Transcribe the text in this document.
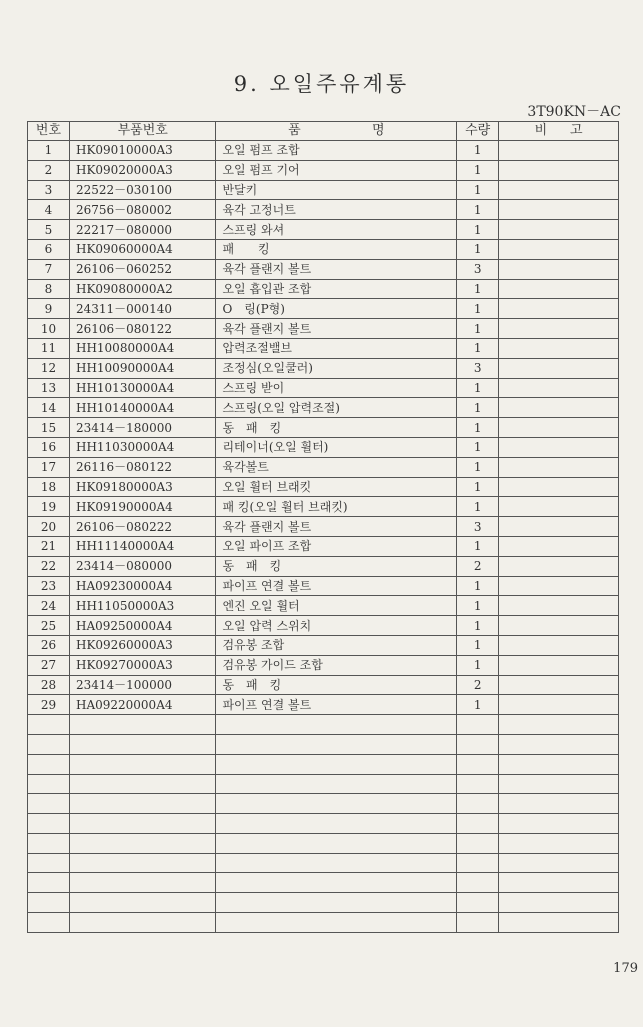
9. 오일주유계통
3T90KN－AC
번호	부품번호	품 명	수량	비 고

1	HK09010000A3	오일 펌프 조합	1	
2	HK09020000A3	오일 펌프 기어	1	
3	22522－030100	반달키	1	
4	26756－080002	육각 고정너트	1	
5	22217－080000	스프링 와셔	1	
6	HK09060000A4	패　　킹	1	
7	26106－060252	육각 플랜지 볼트	3	
8	HK09080000A2	오일 흡입관 조합	1	
9	24311－000140	O　링(P형)	1	
10	26106－080122	육각 플랜지 볼트	1	
11	HH10080000A4	압력조절밸브	1	
12	HH10090000A4	조정심(오일쿨러)	3	
13	HH10130000A4	스프링 받이	1	
14	HH10140000A4	스프링(오일 압력조절)	1	
15	23414－180000	동　패　킹	1	
16	HH11030000A4	리테이너(오일 휠터)	1	
17	26116－080122	육각볼트	1	
18	HK09180000A3	오일 휠터 브래킷	1	
19	HK09190000A4	패 킹(오일 휠터 브래킷)	1	
20	26106－080222	육각 플랜지 볼트	3	
21	HH11140000A4	오일 파이프 조합	1	
22	23414－080000	동　패　킹	2	
23	HA09230000A4	파이프 연결 볼트	1	
24	HH11050000A3	엔진 오일 휠터	1	
25	HA09250000A4	오일 압력 스위치	1	
26	HK09260000A3	검유봉 조합	1	
27	HK09270000A3	검유봉 가이드 조합	1	
28	23414－100000	동　패　킹	2	
29	HA09220000A4	파이프 연결 볼트	1	

179
